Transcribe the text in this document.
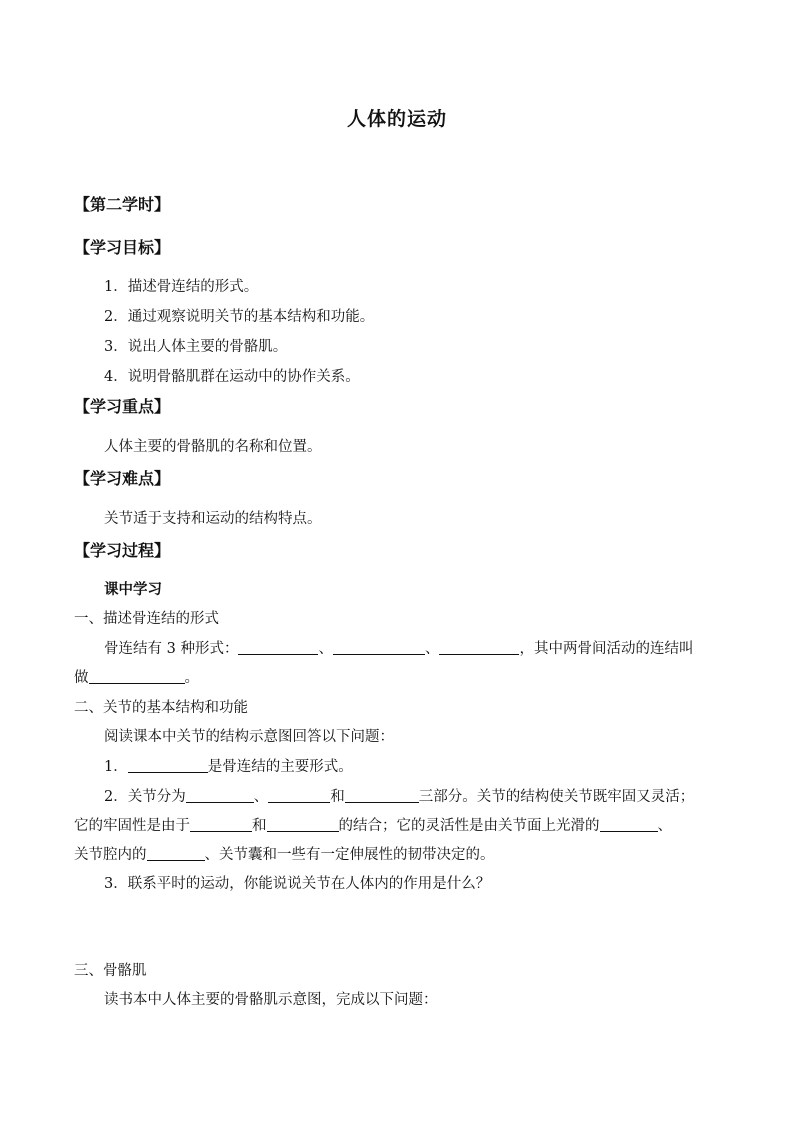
人体的运动
【第二学时】
【学习目标】
1．描述骨连结的形式。
2．通过观察说明关节的基本结构和功能。
3．说出人体主要的骨骼肌。
4．说明骨骼肌群在运动中的协作关系。
【学习重点】
人体主要的骨骼肌的名称和位置。
【学习难点】
关节适于支持和运动的结构特点。
【学习过程】
课中学习
一、描述骨连结的形式
骨连结有 3 种形式：	、	、	，其中两骨间活动的连结叫
做	。
二、关节的基本结构和功能
阅读课本中关节的结构示意图回答以下问题：
1．	是骨连结的主要形式。
2．关节分为	、	和	三部分。关节的结构使关节既牢固又灵活；
它的牢固性是由于	和	的结合；它的灵活性是由关节面上光滑的	、
关节腔内的	、关节囊和一些有一定伸展性的韧带决定的。
3．联系平时的运动，你能说说关节在人体内的作用是什么？
三、骨骼肌
读书本中人体主要的骨骼肌示意图，完成以下问题：
